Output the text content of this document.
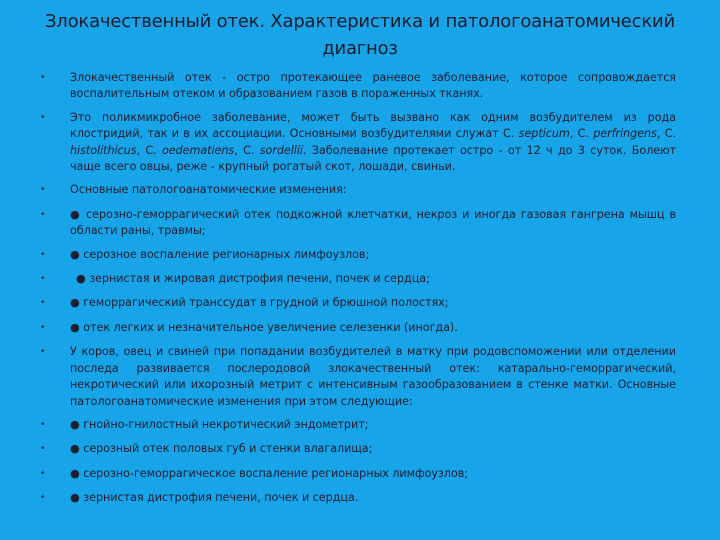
Злокачественный отек. Характеристика и патологоанатомический диагноз
• Злокачественный отек - остро протекающее раневое заболевание, которое сопровождается воспалительным отеком и образованием газов в пораженных тканях.
• Это поликмикробное заболевание, может быть вызвано как одним возбудителем из рода клостридий, так и в их ассоциации. Основными возбудителями служат С. septicum, С. perfringens, С. histolithicus, С. oedematiens, С. sordellii. Заболевание протекает остро - от 12 ч до 3 суток. Болеют чаще всего овцы, реже - крупный рогатый скот, лошади, свиньи.
• Основные патологоанатомические изменения:
• ● серозно-геморрагический отек подкожной клетчатки, некроз и иногда газовая гангрена мышц в области раны, травмы;
• ● серозное воспаление регионарных лимфоузлов;
•	● зернистая и жировая дистрофия печени, почек и сердца;
• ● геморрагический транссудат в грудной и брюшной полостях;
• ● отек легких и незначительное увеличение селезенки (иногда).
• У коров, овец и свиней при попадании возбудителей в матку при родовспоможении или отделении последа развивается послеродовой злокачественный отек: катарально-геморрагический, некротический или ихорозный метрит с интенсивным газообразованием в стенке матки. Основные патологоанатомические изменения при этом следующие:
• ● гнойно-гнилостный некротический эндометрит;
• ● серозный отек половых губ и стенки влагалища;
• ● серозно-геморрагическое воспаление регионарных лимфоузлов;
• ● зернистая дистрофия печени, почек и сердца.
